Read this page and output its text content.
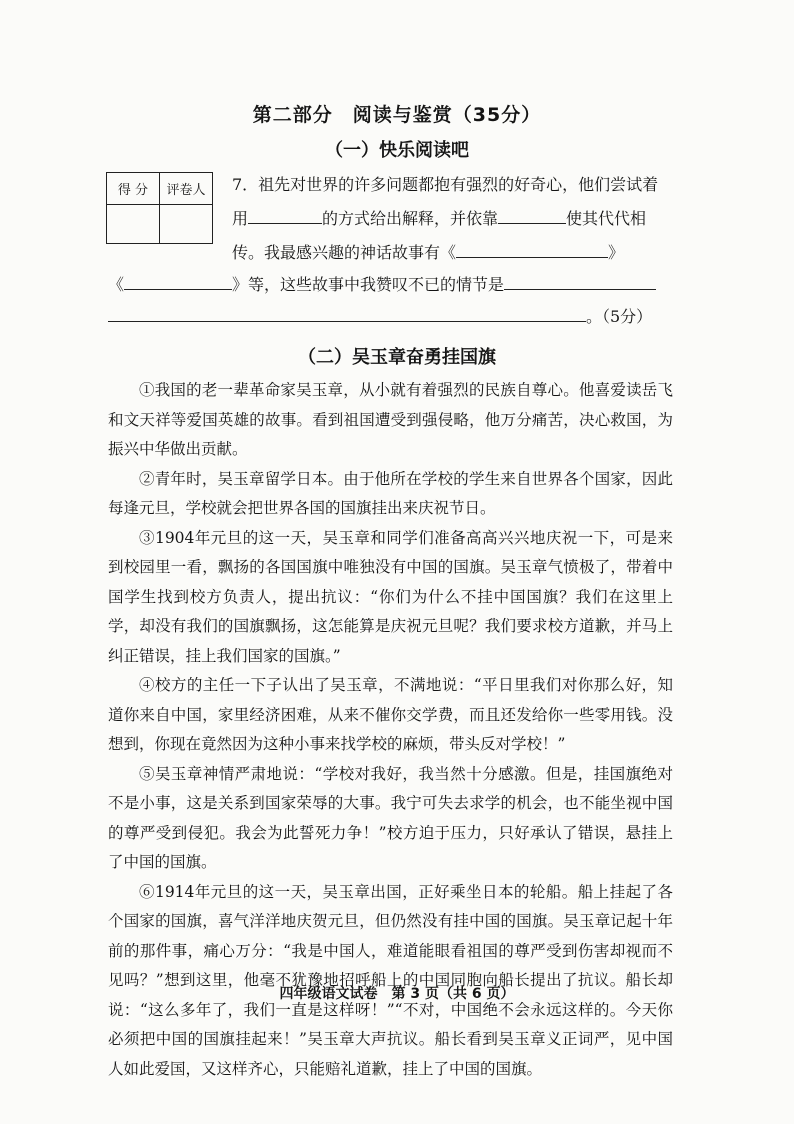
第二部分　阅读与鉴赏（35分）
（一）快乐阅读吧
得 分	评卷人
	7．祖先对世界的许多问题都抱有强烈的好奇心，他们尝试着
用	的方式给出解释，并依靠	使其代代相
传。我最感兴趣的神话故事有《	》
《	》等，这些故事中我赞叹不已的情节是
。（5分）
（二）吴玉章奋勇挂国旗

①我国的老一辈革命家吴玉章，从小就有着强烈的民族自尊心。他喜爱读岳飞和文天祥等爱国英雄的故事。看到祖国遭受到强侵略，他万分痛苦，决心救国，为振兴中华做出贡献。

②青年时，吴玉章留学日本。由于他所在学校的学生来自世界各个国家，因此每逢元旦，学校就会把世界各国的国旗挂出来庆祝节日。

③1904年元旦的这一天，吴玉章和同学们准备高高兴兴地庆祝一下，可是来到校园里一看，飘扬的各国国旗中唯独没有中国的国旗。吴玉章气愤极了，带着中国学生找到校方负责人，提出抗议：“你们为什么不挂中国国旗？我们在这里上学，却没有我们的国旗飘扬，这怎能算是庆祝元旦呢？我们要求校方道歉，并马上纠正错误，挂上我们国家的国旗。”

④校方的主任一下子认出了吴玉章，不满地说：“平日里我们对你那么好，知道你来自中国，家里经济困难，从来不催你交学费，而且还发给你一些零用钱。没想到，你现在竟然因为这种小事来找学校的麻烦，带头反对学校！”

⑤吴玉章神情严肃地说：“学校对我好，我当然十分感激。但是，挂国旗绝对不是小事，这是关系到国家荣辱的大事。我宁可失去求学的机会，也不能坐视中国的尊严受到侵犯。我会为此誓死力争！”校方迫于压力，只好承认了错误，悬挂上了中国的国旗。

⑥1914年元旦的这一天，吴玉章出国，正好乘坐日本的轮船。船上挂起了各个国家的国旗，喜气洋洋地庆贺元旦，但仍然没有挂中国的国旗。吴玉章记起十年前的那件事，痛心万分：“我是中国人，难道能眼看祖国的尊严受到伤害却视而不见吗？”想到这里，他毫不犹豫地招呼船上的中国同胞向船长提出了抗议。船长却说：“这么多年了，我们一直是这样呀！”“不对，中国绝不会永远这样的。今天你必须把中国的国旗挂起来！”吴玉章大声抗议。船长看到吴玉章义正词严，见中国人如此爱国，又这样齐心，只能赔礼道歉，挂上了中国的国旗。

四年级语文试卷　第 3 页（共 6 页）
